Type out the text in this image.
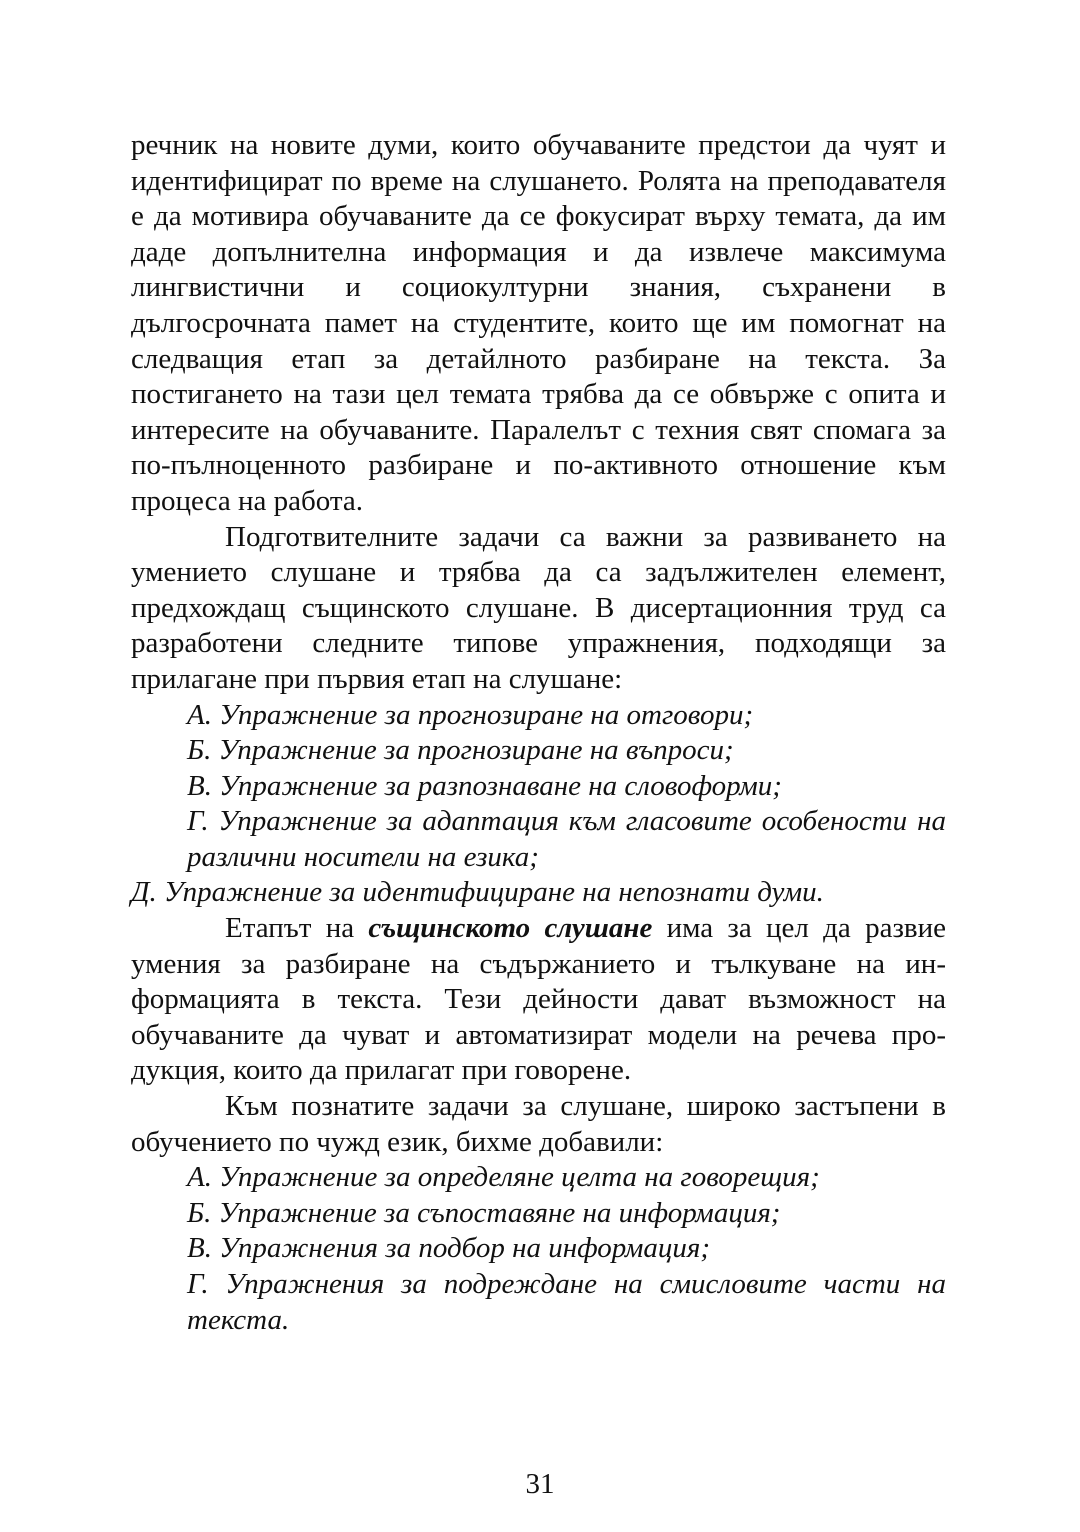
речник на новите думи, които обучаваните предстои да чуят и идентифицират по време на слушането. Ролята на преподавателя е да мотивира обучаваните да се фокусират върху темата, да им даде допълнителна информация и да извлече максимума лингвистични и социокултурни знания, съхранени в дългосрочната памет на студентите, които ще им помогнат на следващия етап за детайлното разбиране на текста. За постигането на тази цел темата трябва да се обвърже с опита и интересите на обучаваните. Паралелът с техния свят спомага за по-пълноценното разбиране и по-активното отношение към процеса на работа.

Подготвителните задачи са важни за развиването на умението слушане и трябва да са задължителен елемент, предхождащ същинското слушане. В дисертационния труд са разработени следните типове упражнения, подходящи за прилагане при първия етап на слушане:

А. Упражнение за прогнозиране на отговори;
Б. Упражнение за прогнозиране на въпроси;
В. Упражнение за разпознаване на словоформи;
Г. Упражнение за адаптация към гласовите особености на различни носители на езика;
Д. Упражнение за идентифициране на непознати думи.

Етапът на същинското слушане има за цел да развие умения за разбиране на съдържанието и тълкуване на информацията в текста. Тези дейности дават възможност на обучаваните да чуват и автоматизират модели на речева продукция, които да прилагат при говорене.

Към познатите задачи за слушане, широко застъпени в обучението по чужд език, бихме добавили:

А. Упражнение за определяне целта на говорещия;
Б. Упражнение за съпоставяне на информация;
В. Упражнения за подбор на информация;
Г. Упражнения за подреждане на смисловите части на текста.
31
